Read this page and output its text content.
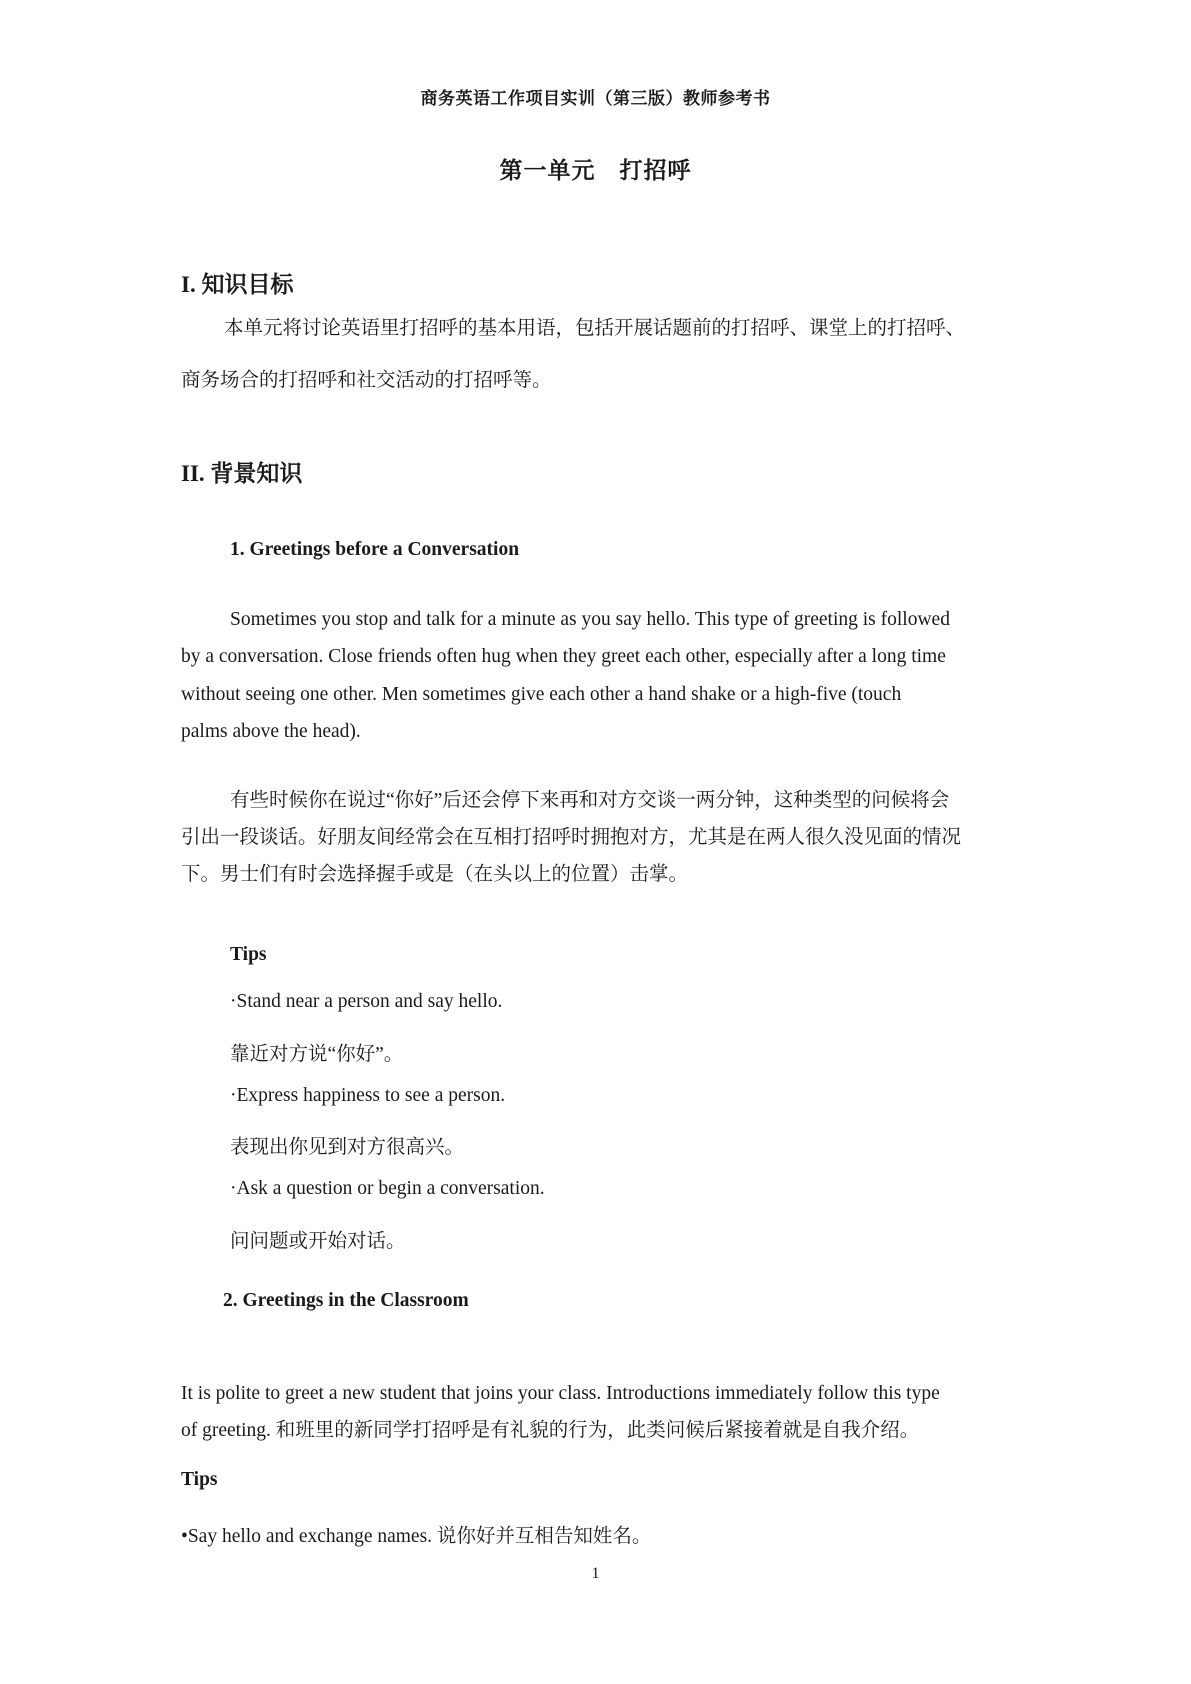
商务英语工作项目实训（第三版）教师参考书

第一单元　打招呼

I. 知识目标

本单元将讨论英语里打招呼的基本用语，包括开展话题前的打招呼、课堂上的打招呼、

商务场合的打招呼和社交活动的打招呼等。

II. 背景知识

1. Greetings before a Conversation

Sometimes you stop and talk for a minute as you say hello. This type of greeting is followed

by a conversation. Close friends often hug when they greet each other, especially after a long time

without seeing one other. Men sometimes give each other a hand shake or a high-five (touch

palms above the head).

有些时候你在说过“你好”后还会停下来再和对方交谈一两分钟，这种类型的问候将会

引出一段谈话。好朋友间经常会在互相打招呼时拥抱对方，尤其是在两人很久没见面的情况

下。男士们有时会选择握手或是（在头以上的位置）击掌。

Tips

·Stand near a person and say hello.

靠近对方说“你好”。

·Express happiness to see a person.

表现出你见到对方很高兴。

·Ask a question or begin a conversation.

问问题或开始对话。

2. Greetings in the Classroom

It is polite to greet a new student that joins your class. Introductions immediately follow this type

of greeting. 和班里的新同学打招呼是有礼貌的行为，此类问候后紧接着就是自我介绍。

Tips

•Say hello and exchange names. 说你好并互相告知姓名。

1
